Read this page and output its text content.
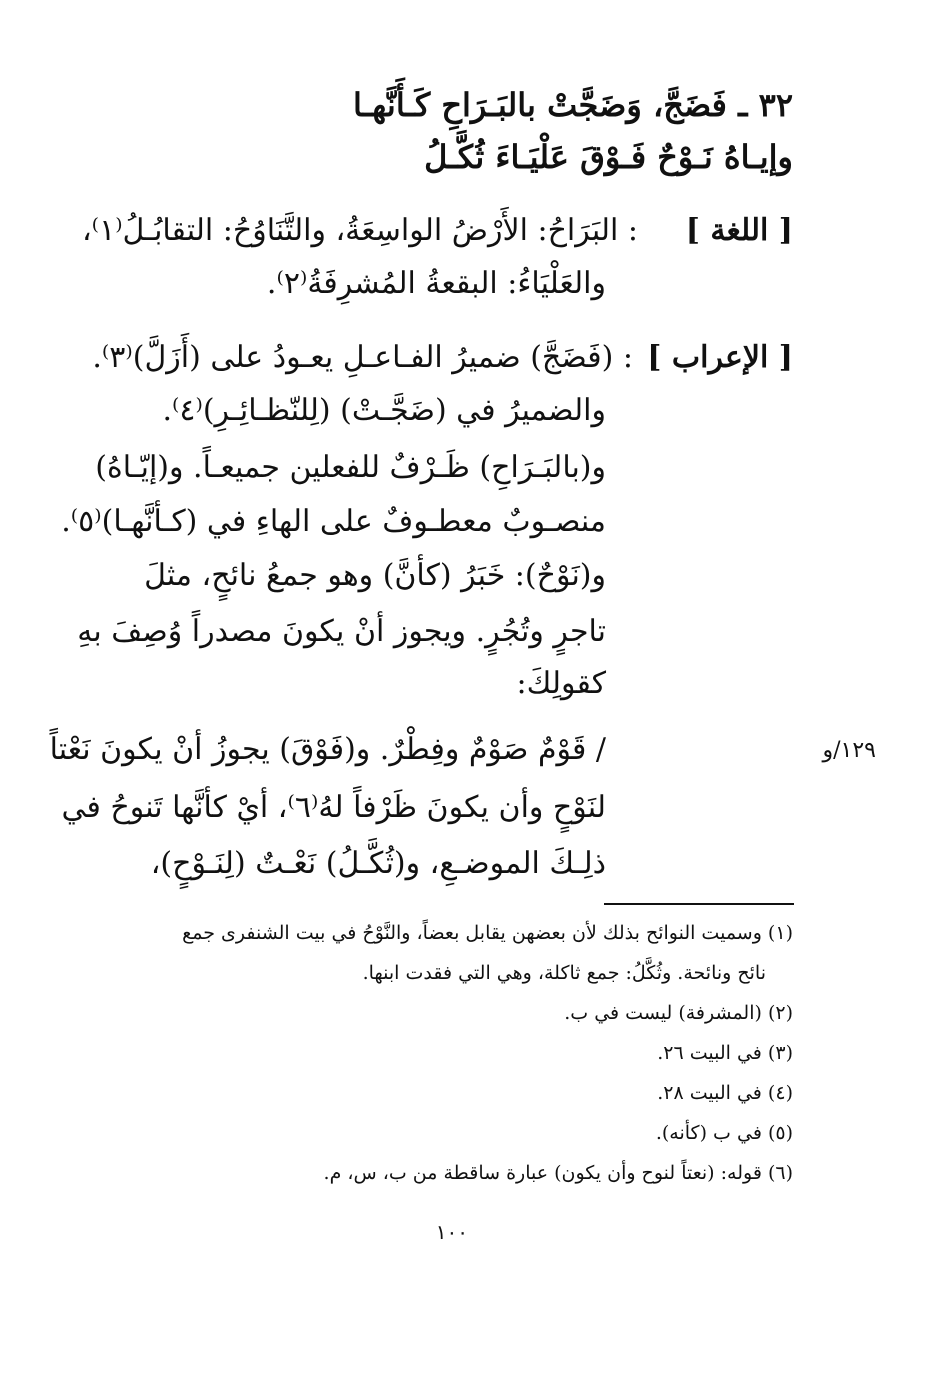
٣٢ ـ فَضَجَّ، وَضَجَّتْ بالبَـرَاحِ كَـأَنَّهـا
وإيـاهُ نَـوْحٌ فَـوْقَ عَلْيَـاءَ ثُكَّـلُ
[ اللغة ]
: البَرَاحُ: الأَرْضُ الواسِعَةُ، والتَّنَاوُحُ: التقابُـلُ⁽١⁾،
والعَلْيَاءُ: البقعةُ المُشرِفَةُ⁽٢⁾.
[ الإعراب ]
: (فَضَجَّ) ضميرُ الفـاعـلِ يعـودُ على (أَزَلَّ)⁽٣⁾.
والضميرُ في (ضَجَّـتْ) (لِلنّظـائِـرِ)⁽٤⁾.
و(بالبَـرَاحِ) ظَـرْفٌ للفعلين جميعـاً. و(إيّـاهُ)
منصـوبٌ معطـوفٌ على الهاءِ في (كـأنَّهـا)⁽٥⁾.
و(نَوْحٌ): خَبَرُ (كأنَّ) وهو جمعُ نائحٍ، مثلَ
تاجرٍ وتُجُرٍ. ويجوز أنْ يكونَ مصدراً وُصِفَ بهِ
كقولِكَ:
١٢٩/و
/ قَوْمٌ صَوْمٌ وفِطْرٌ. و(فَوْقَ) يجوزُ أنْ يكونَ نَعْتاً
لنَوْحٍ وأن يكونَ ظَرْفاً لهُ⁽٦⁾، أيْ كأنَّها تَنوحُ في
ذلِـكَ الموضـعِ، و(ثُكَّـلُ) نَعْـتٌ (لِنَـوْحٍ)،
(١) وسميت النوائح بذلك لأن بعضهن يقابل بعضاً، والنَّوْحُ في بيت الشنفرى جمع
نائح ونائحة. وثُكَّلُ: جمع ثاكلة، وهي التي فقدت ابنها.
(٢) (المشرفة) ليست في ب.
(٣) في البيت ٢٦.
(٤) في البيت ٢٨.
(٥) في ب (كأنه).
(٦) قوله: (نعتاً لنوح وأن يكون) عبارة ساقطة من ب، س، م.
١٠٠
